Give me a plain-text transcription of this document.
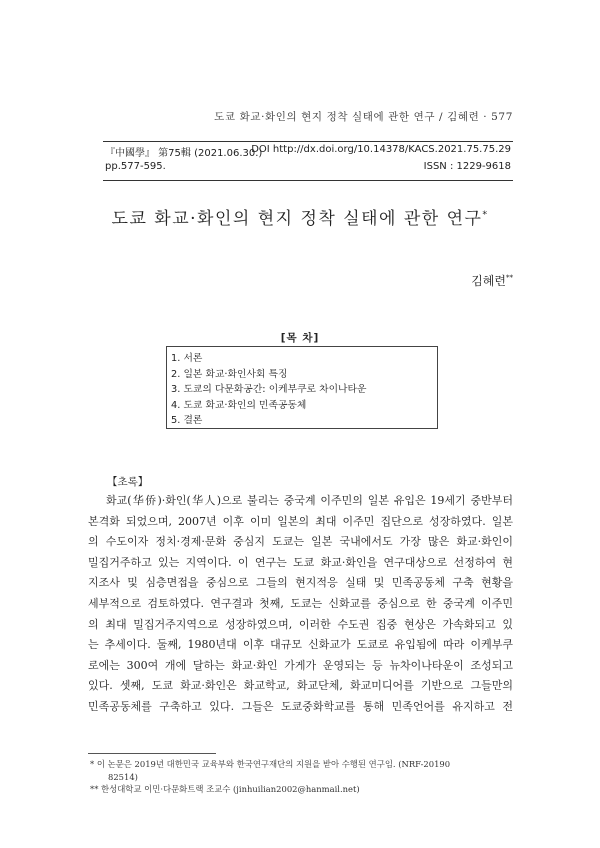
도쿄 화교·화인의 현지 정착 실태에 관한 연구 / 김혜련 · 577
『中國學』 第75輯 (2021.06.30.)
DOI http://dx.doi.org/10.14378/KACS.2021.75.75.29
pp.577-595.	ISSN : 1229-9618
도쿄 화교·화인의 현지 정착 실태에 관한 연구*
김혜련**
[목 차]
1. 서론
2. 일본 화교·화인사회 특징
3. 도쿄의 다문화공간: 이케부쿠로 차이나타운
4. 도쿄 화교·화인의 민족공동체
5. 결론
【초록】
화교(华侨)·화인(华人)으로 불리는 중국계 이주민의 일본 유입은 19세기 중반부터
본격화 되었으며, 2007년 이후 이미 일본의 최대 이주민 집단으로 성장하였다. 일본
의 수도이자 정치·경제·문화 중심지 도쿄는 일본 국내에서도 가장 많은 화교·화인이
밀집거주하고 있는 지역이다. 이 연구는 도쿄 화교·화인을 연구대상으로 선정하여 현
지조사 및 심층면접을 중심으로 그들의 현지적응 실태 및 민족공동체 구축 현황을
세부적으로 검토하였다. 연구결과 첫째, 도쿄는 신화교를 중심으로 한 중국계 이주민
의 최대 밀집거주지역으로 성장하였으며, 이러한 수도권 집중 현상은 가속화되고 있
는 추세이다. 둘째, 1980년대 이후 대규모 신화교가 도쿄로 유입됨에 따라 이케부쿠
로에는 300여 개에 달하는 화교·화인 가게가 운영되는 등 뉴차이나타운이 조성되고
있다. 셋째, 도쿄 화교·화인은 화교학교, 화교단체, 화교미디어를 기반으로 그들만의
민족공동체를 구축하고 있다. 그들은 도쿄중화학교를 통해 민족언어를 유지하고 전
* 이 논문은 2019년 대한민국 교육부와 한국연구재단의 지원을 받아 수행된 연구임. (NRF-20190
82514)
** 한성대학교 이민·다문화트랙 조교수 (jinhuilian2002@hanmail.net)
